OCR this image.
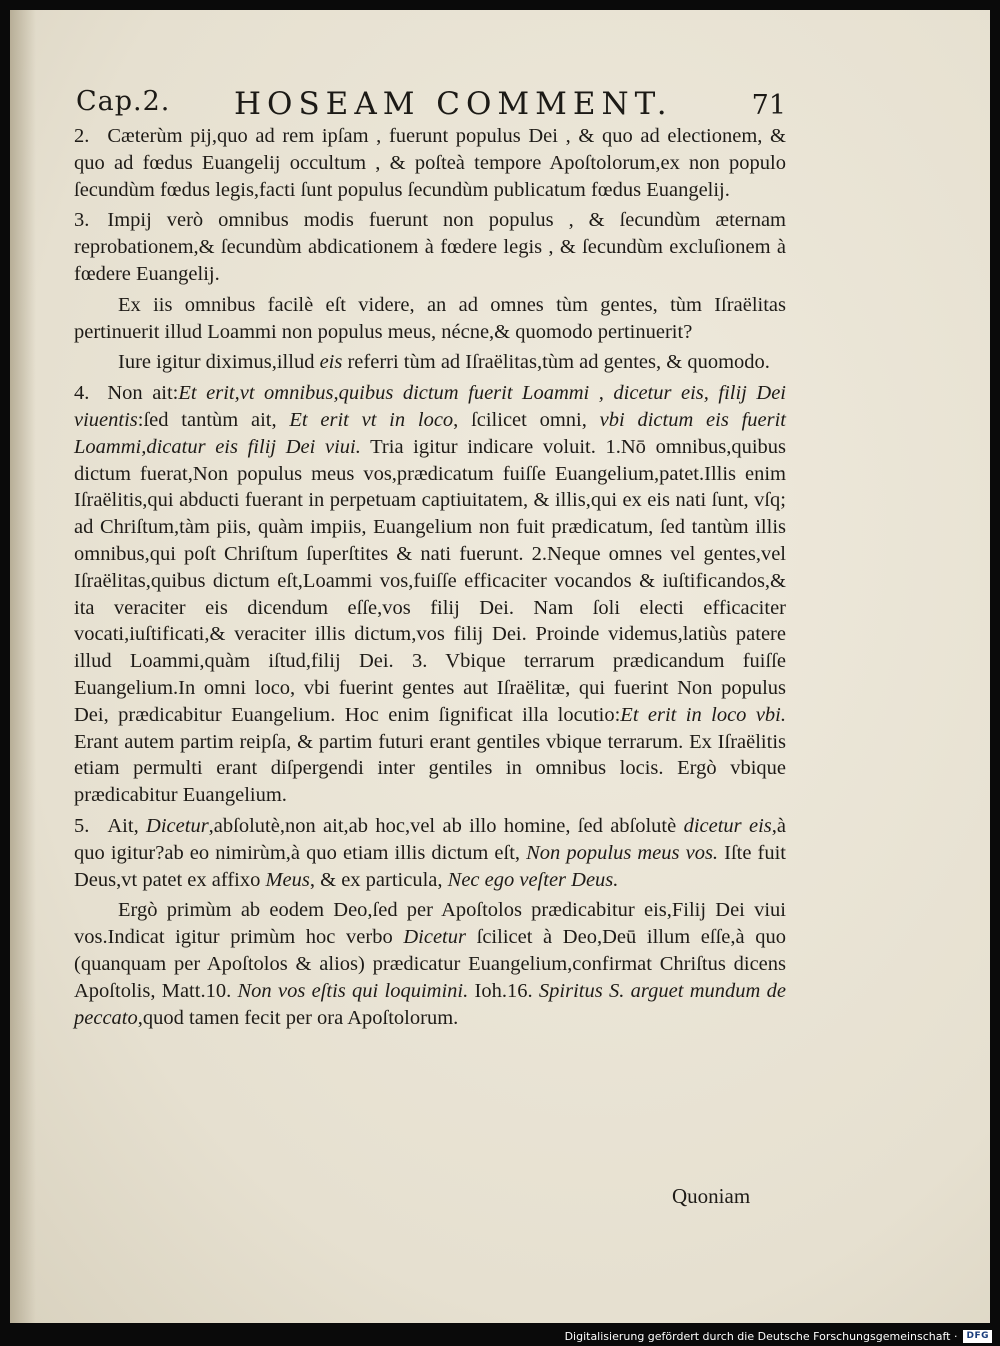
Cap.2. HOSEAM COMMENT.	71

2. Cæterùm pij,quo ad rem ipſam , fuerunt populus Dei , & quo ad electionem, & quo ad fœdus Euangelij occultum , & poſteà tempore Apoſtolorum,ex non populo ſecundùm fœdus legis,facti ſunt populus ſecundùm publicatum fœdus Euangelij.

3. Impij verò omnibus modis fuerunt non populus , & ſecundùm æternam reprobationem,& ſecundùm abdicationem à fœdere legis , & ſecundùm excluſionem à fœdere Euangelij.

Ex iis omnibus facilè eſt videre, an ad omnes tùm gentes, tùm Iſraëlitas pertinuerit illud Loammi non populus meus, nécne,& quomodo pertinuerit?

Iure igitur diximus,illud eis referri tùm ad Iſraëlitas,tùm ad gentes, & quomodo.

4. Non ait:Et erit,vt omnibus,quibus dictum fuerit Loammi , dicetur eis, filij Dei viuentis:ſed tantùm ait, Et erit vt in loco, ſcilicet omni, vbi dictum eis fuerit Loammi,dicatur eis filij Dei viui. Tria igitur indicare voluit. 1.Nō omnibus,quibus dictum fuerat,Non populus meus vos,prædicatum fuiſſe Euangelium,patet.Illis enim Iſraëlitis,qui abducti fuerant in perpetuam captiuitatem, & illis,qui ex eis nati ſunt, vſq; ad Chriſtum,tàm piis, quàm impiis, Euangelium non fuit prædicatum, ſed tantùm illis omnibus,qui poſt Chriſtum ſuperſtites & nati fuerunt. 2.Neque omnes vel gentes,vel Iſraëlitas,quibus dictum eſt,Loammi vos,fuiſſe efficaciter vocandos & iuſtificandos,& ita veraciter eis dicendum eſſe,vos filij Dei. Nam ſoli electi efficaciter vocati,iuſtificati,& veraciter illis dictum,vos filij Dei. Proinde videmus,latiùs patere illud Loammi,quàm iſtud,filij Dei. 3. Vbique terrarum prædicandum fuiſſe Euangelium.In omni loco, vbi fuerint gentes aut Iſraëlitæ, qui fuerint Non populus Dei, prædicabitur Euangelium. Hoc enim ſignificat illa locutio:Et erit in loco vbi. Erant autem partim reipſa, & partim futuri erant gentiles vbique terrarum. Ex Iſraëlitis etiam permulti erant diſpergendi inter gentiles in omnibus locis. Ergò vbique prædicabitur Euangelium.

5. Ait, Dicetur,abſolutè,non ait,ab hoc,vel ab illo homine, ſed abſolutè dicetur eis,à quo igitur?ab eo nimirùm,à quo etiam illis dictum eſt, Non populus meus vos. Iſte fuit Deus,vt patet ex affixo Meus, & ex particula, Nec ego veſter Deus.

Ergò primùm ab eodem Deo,ſed per Apoſtolos prædicabitur eis,Filij Dei viui vos.Indicat igitur primùm hoc verbo Dicetur ſcilicet à Deo,Deū illum eſſe,à quo (quanquam per Apoſtolos & alios) prædicatur Euangelium,confirmat Chriſtus dicens Apoſtolis, Matt.10. Non vos eſtis qui loquimini. Ioh.16. Spiritus S. arguet mundum de peccato,quod tamen fecit per ora Apoſtolorum.

Quoniam
Digitalisierung gefördert durch die Deutsche Forschungsgemeinschaft ·	DFG
